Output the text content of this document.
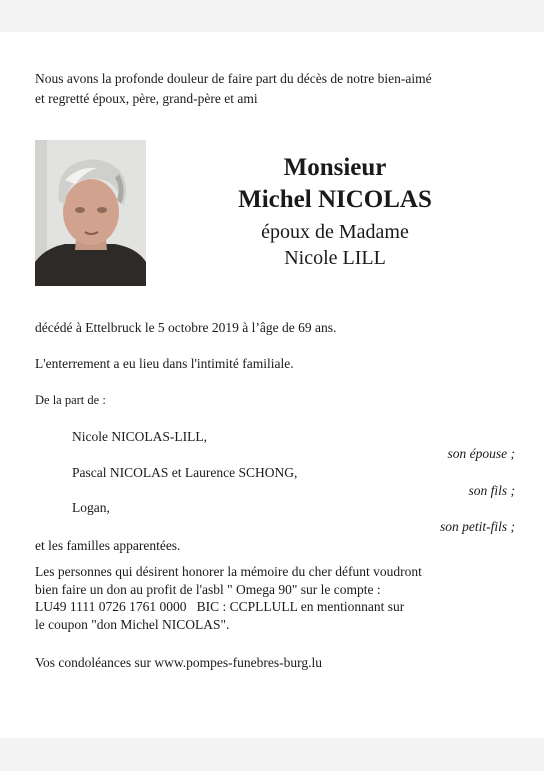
Nous avons la profonde douleur de faire part du décès de notre bien-aimé
et regretté époux, père, grand-père et ami
Monsieur
Michel NICOLAS
époux de Madame
Nicole LILL
décédé à Ettelbruck le 5 octobre 2019 à l’âge de 69 ans.
L'enterrement a eu lieu dans l'intimité familiale.
De la part de :
Nicole NICOLAS-LILL,
son épouse ;
Pascal NICOLAS et Laurence SCHONG,
son fils ;
Logan,
son petit-fils ;
et les familles apparentées.
Les personnes qui désirent honorer la mémoire du cher défunt voudront
bien faire un don au profit de l'asbl " Omega 90" sur le compte :
LU49 1111 0726 1761 0000   BIC : CCPLLULL en mentionnant sur
le coupon "don Michel NICOLAS".
Vos condoléances sur www.pompes-funebres-burg.lu
